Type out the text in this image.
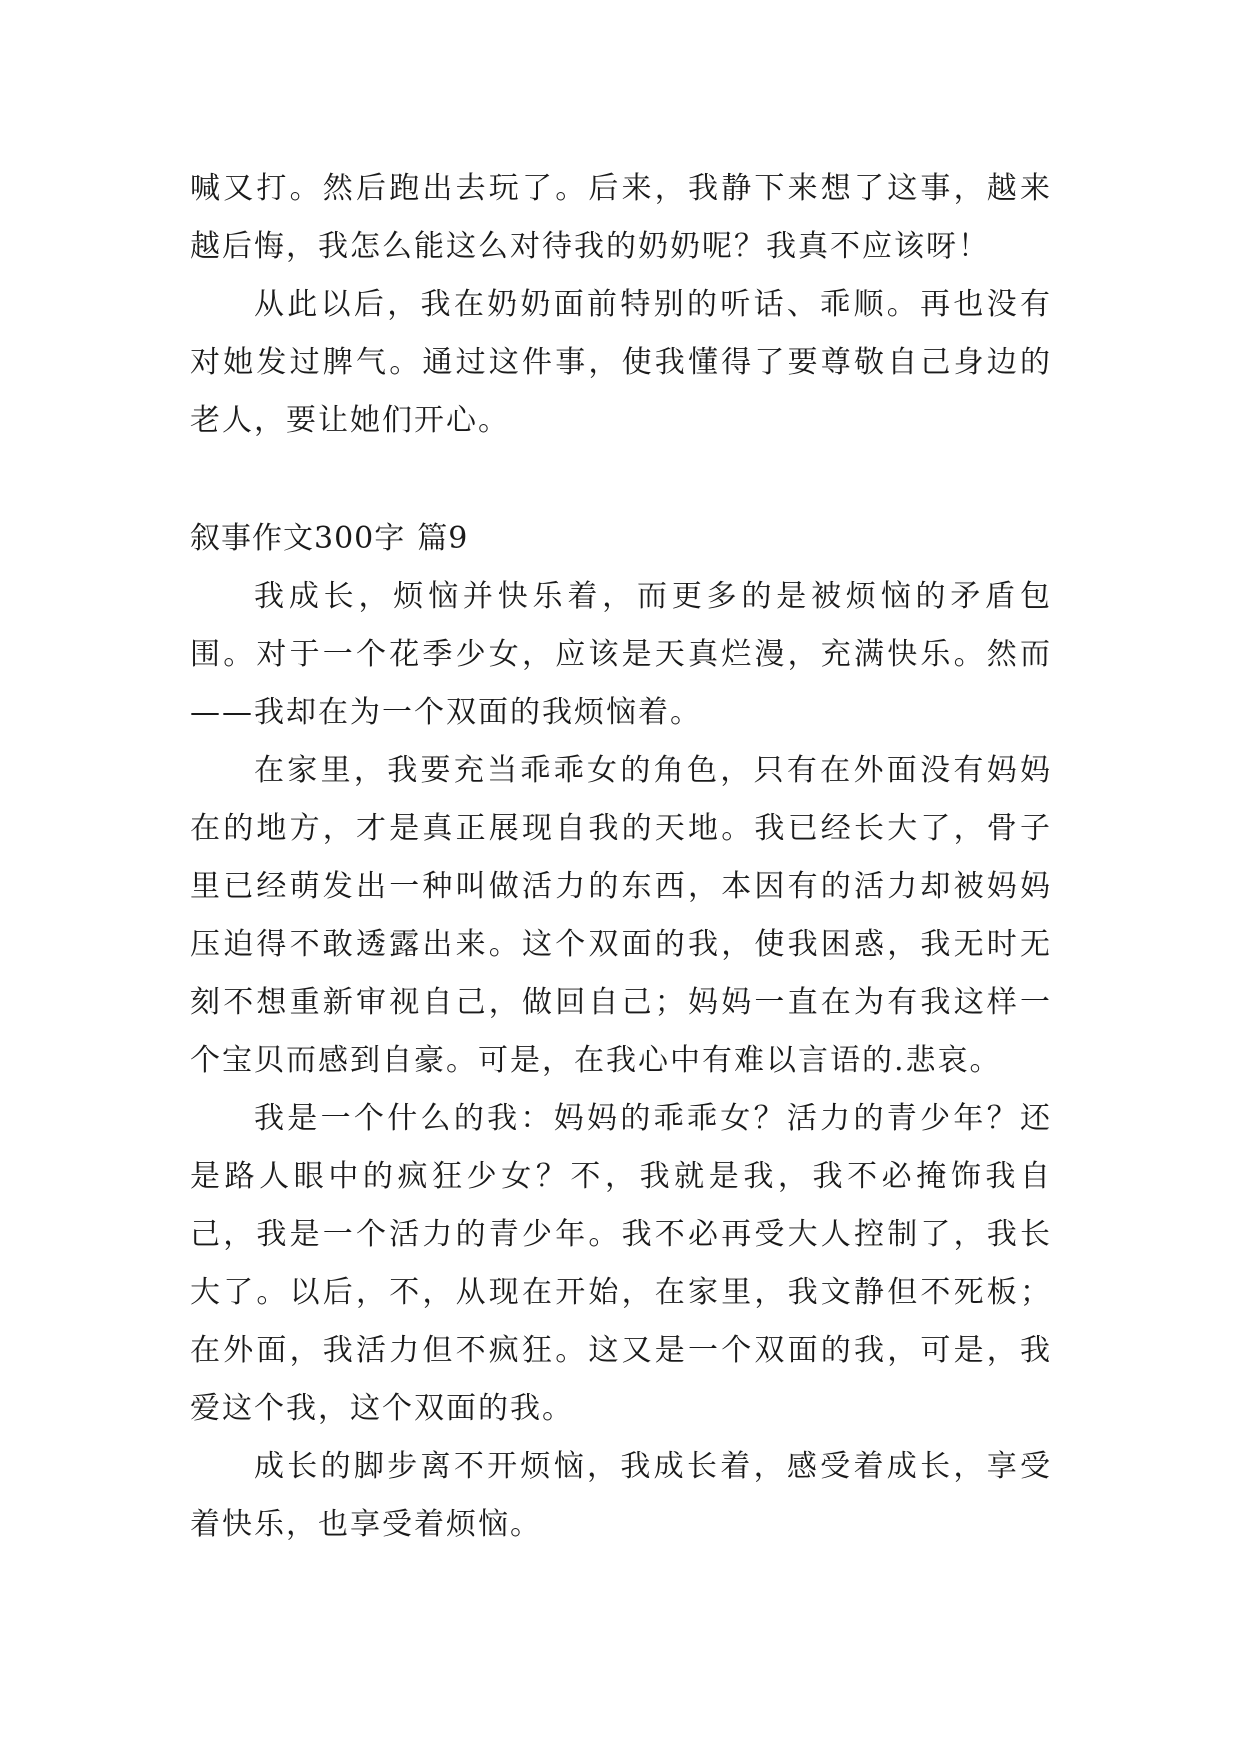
喊又打。然后跑出去玩了。后来，我静下来想了这事，越来越后悔，我怎么能这么对待我的奶奶呢？我真不应该呀！

从此以后，我在奶奶面前特别的听话、乖顺。再也没有对她发过脾气。通过这件事，使我懂得了要尊敬自己身边的老人，要让她们开心。

叙事作文300字 篇9

我成长，烦恼并快乐着，而更多的是被烦恼的矛盾包围。对于一个花季少女，应该是天真烂漫，充满快乐。然而——我却在为一个双面的我烦恼着。

在家里，我要充当乖乖女的角色，只有在外面没有妈妈在的地方，才是真正展现自我的天地。我已经长大了，骨子里已经萌发出一种叫做活力的东西，本因有的活力却被妈妈压迫得不敢透露出来。这个双面的我，使我困惑，我无时无刻不想重新审视自己，做回自己；妈妈一直在为有我这样一个宝贝而感到自豪。可是，在我心中有难以言语的.悲哀。

我是一个什么的我：妈妈的乖乖女？活力的青少年？还是路人眼中的疯狂少女？不，我就是我，我不必掩饰我自己，我是一个活力的青少年。我不必再受大人控制了，我长大了。以后，不，从现在开始，在家里，我文静但不死板；在外面，我活力但不疯狂。这又是一个双面的我，可是，我爱这个我，这个双面的我。

成长的脚步离不开烦恼，我成长着，感受着成长，享受着快乐，也享受着烦恼。
